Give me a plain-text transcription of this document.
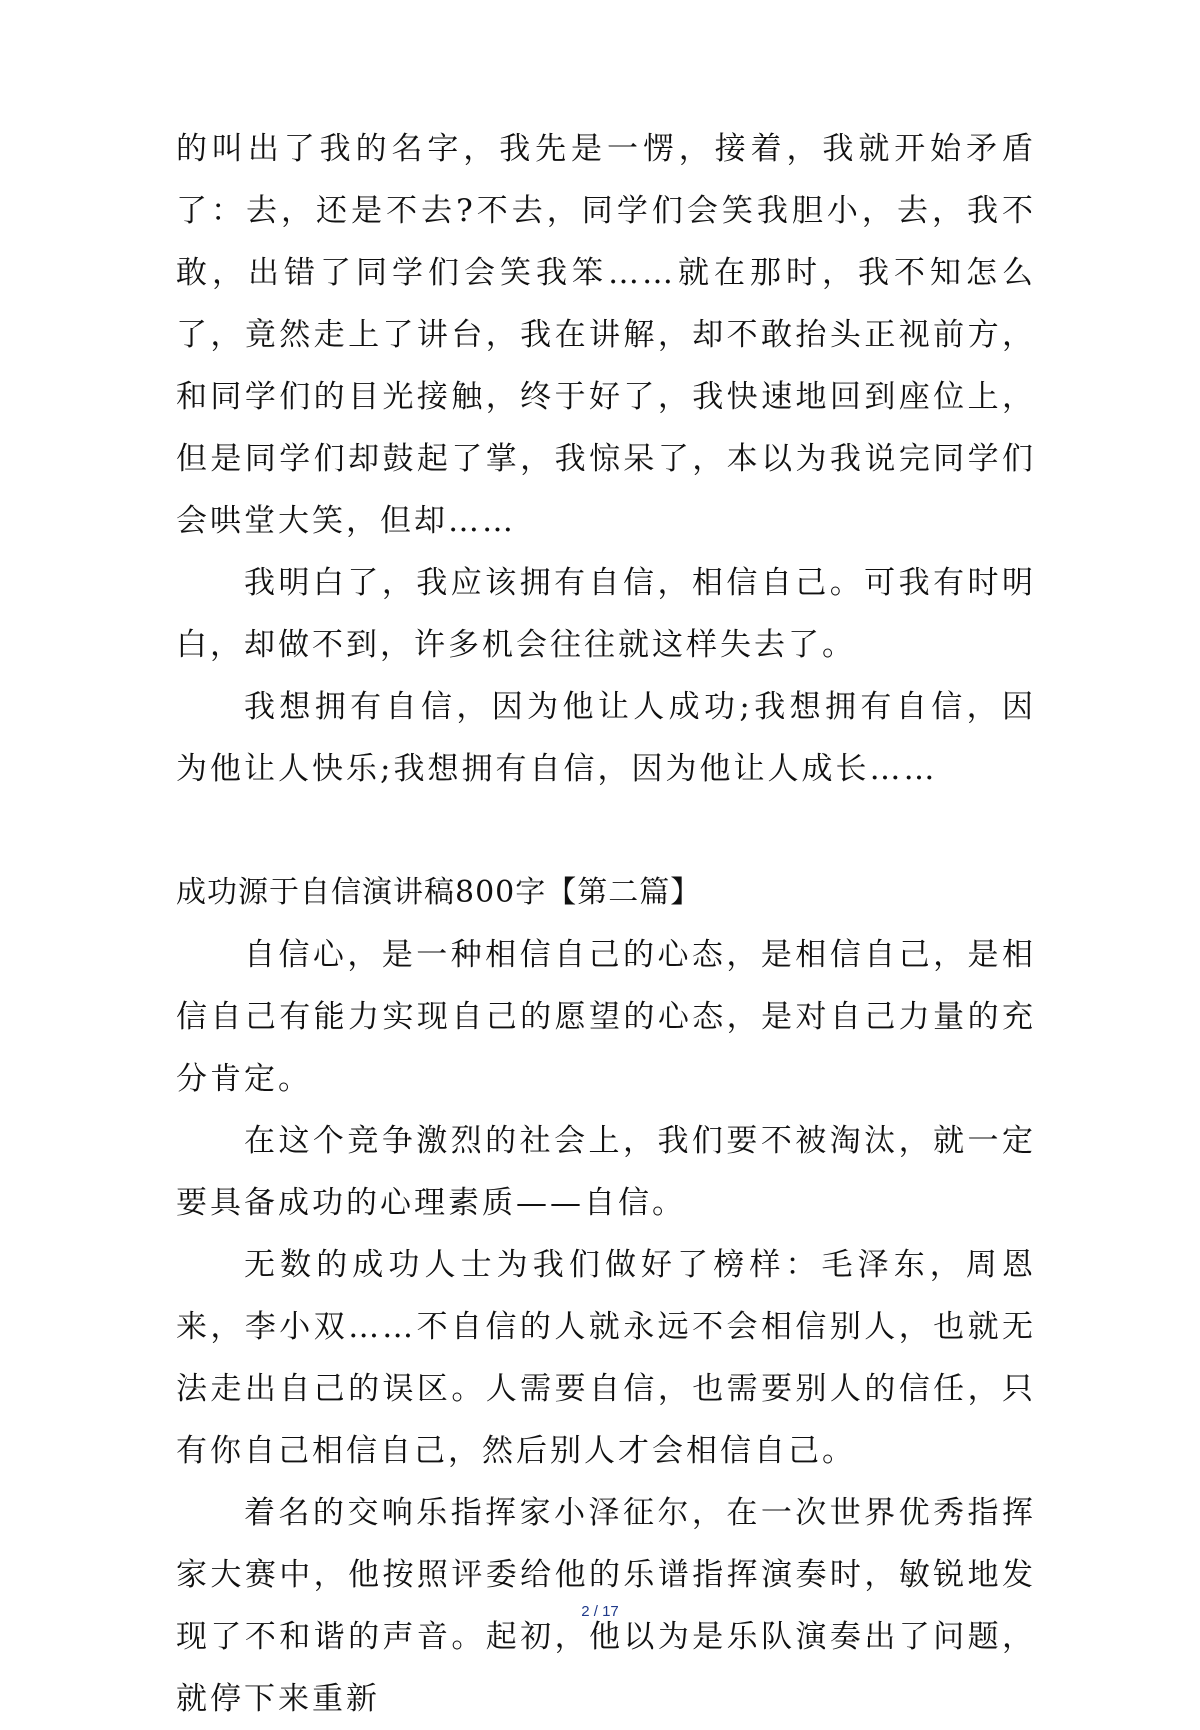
的叫出了我的名字，我先是一愣，接着，我就开始矛盾了：去，还是不去?不去，同学们会笑我胆小，去，我不敢，出错了同学们会笑我笨……就在那时，我不知怎么了，竟然走上了讲台，我在讲解，却不敢抬头正视前方，和同学们的目光接触，终于好了，我快速地回到座位上，但是同学们却鼓起了掌，我惊呆了，本以为我说完同学们会哄堂大笑，但却……

我明白了，我应该拥有自信，相信自己。可我有时明白，却做不到，许多机会往往就这样失去了。

我想拥有自信，因为他让人成功;我想拥有自信，因为他让人快乐;我想拥有自信，因为他让人成长……

成功源于自信演讲稿800字【第二篇】

自信心，是一种相信自己的心态，是相信自己，是相信自己有能力实现自己的愿望的心态，是对自己力量的充分肯定。

在这个竞争激烈的社会上，我们要不被淘汰，就一定要具备成功的心理素质——自信。

无数的成功人士为我们做好了榜样：毛泽东，周恩来，李小双……不自信的人就永远不会相信别人，也就无法走出自己的误区。人需要自信，也需要别人的信任，只有你自己相信自己，然后别人才会相信自己。

着名的交响乐指挥家小泽征尔，在一次世界优秀指挥家大赛中，他按照评委给他的乐谱指挥演奏时，敏锐地发现了不和谐的声音。起初，他以为是乐队演奏出了问题，就停下来重新

2 / 17
